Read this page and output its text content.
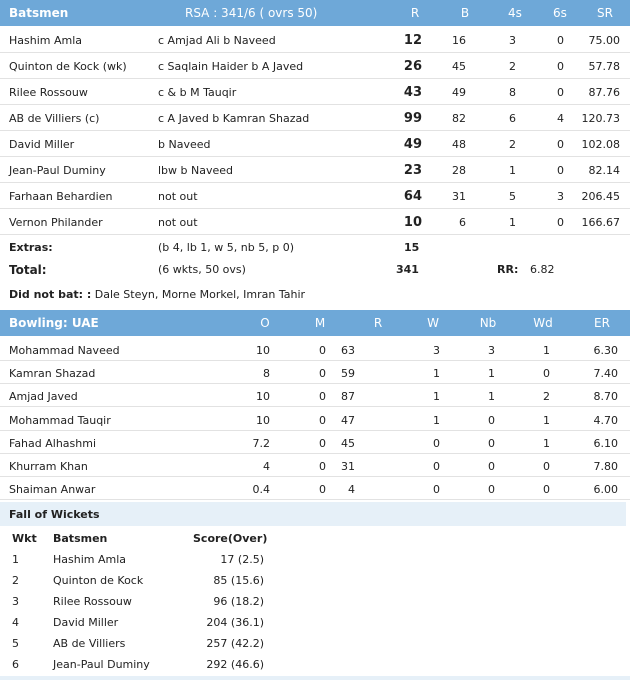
Batsmen	RSA : 341/6 ( ovrs 50)	R	B	4s	6s	SR
Hashim Amla	c Amjad Ali b Naveed	12	16	3	0	75.00
Quinton de Kock (wk)	c Saqlain Haider b A Javed	26	45	2	0	57.78
Rilee Rossouw	c & b M Tauqir	43	49	8	0	87.76
AB de Villiers (c)	c A Javed b Kamran Shazad	99	82	6	4 120.73
David Miller	b Naveed	49	48	2	0 102.08
Jean-Paul Duminy	lbw b Naveed	23	28	1	0	82.14
Farhaan Behardien	not out	64	31	5	3 206.45
Vernon Philander	not out	10	6	1	0 166.67
Extras:	(b 4, lb 1, w 5, nb 5, p 0)	15
Total:	(6 wkts, 50 ovs)	341	RR: 6.82
Did not bat: : Dale Steyn, Morne Morkel, Imran Tahir
Bowling: UAE	O	M	R	W	Nb	Wd	ER
Mohammad Naveed	10	0	63	3	3	1	6.30
Kamran Shazad	8	0	59	1	1	0	7.40
Amjad Javed	10	0	87	1	1	2	8.70
Mohammad Tauqir	10	0	47	1	0	1	4.70
Fahad Alhashmi	7.2	0	45	0	0	1	6.10
Khurram Khan	4	0	31	0	0	0	7.80
Shaiman Anwar	0.4	0	4	0	0	0	6.00
Fall of Wickets
Wkt Batsmen	Score(Over)
1	Hashim Amla	17 (2.5)
2	Quinton de Kock	85 (15.6)
3	Rilee Rossouw	96 (18.2)
4	David Miller	204 (36.1)
5	AB de Villiers	257 (42.2)
6	Jean-Paul Duminy	292 (46.6)
